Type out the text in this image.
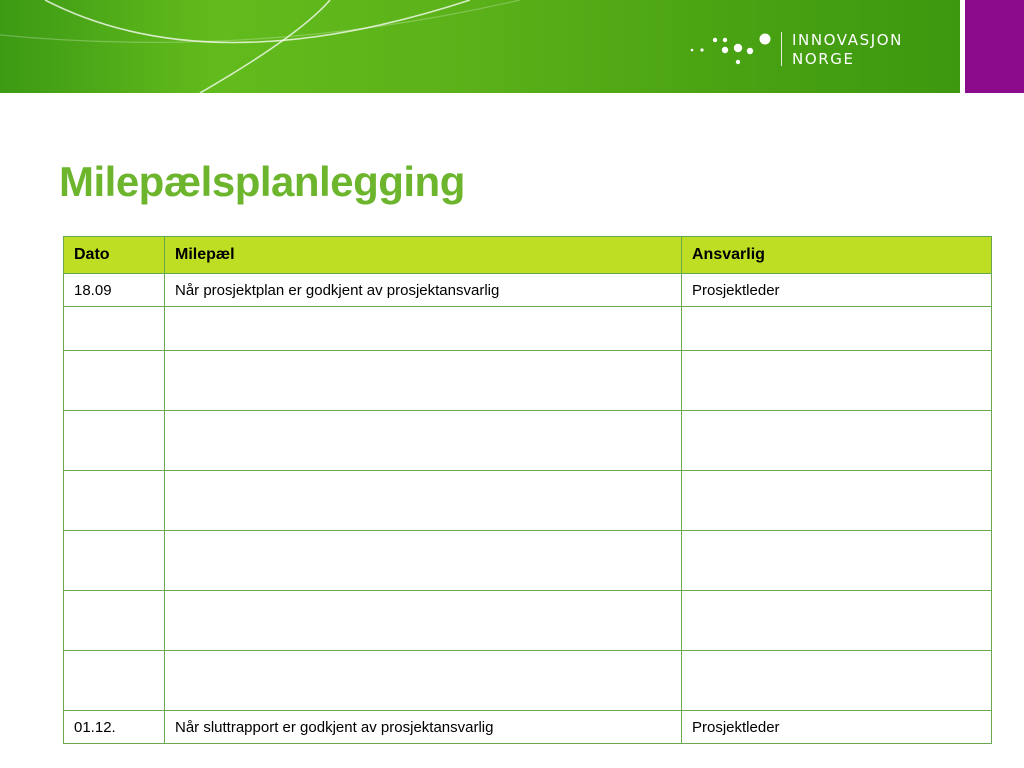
INNOVASJON
NORGE
Milepælsplanlegging
Dato	Milepæl	Ansvarlig
18.09	Når prosjektplan er godkjent av prosjektansvarlig	Prosjektleder

01.12.	Når sluttrapport er godkjent av prosjektansvarlig	Prosjektleder
